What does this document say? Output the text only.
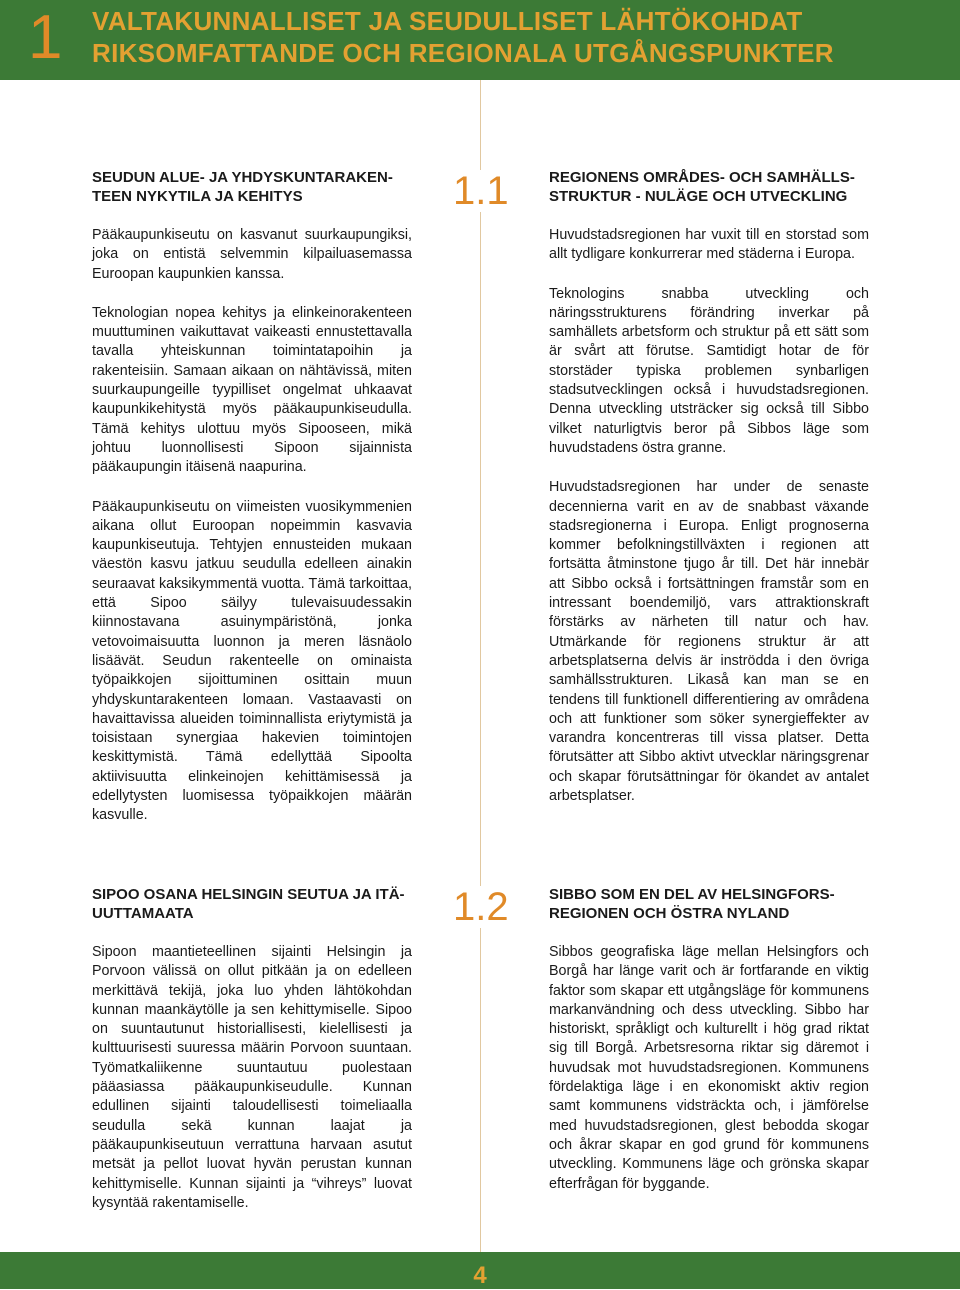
1 VALTAKUNNALLISET JA SEUDULLISET LÄHTÖKOHDAT
RIKSOMFATTANDE OCH REGIONALA UTGÅNGSPUNKTER
1.1
1.2
SEUDUN ALUE- JA YHDYSKUNTARAKEN-
TEEN NYKYTILA JA KEHITYS

Pääkaupunkiseutu on kasvanut suurkaupungiksi, joka on entistä selvemmin kilpailuasemassa Euroopan kaupunkien kanssa.

Teknologian nopea kehitys ja elinkeinorakenteen muuttuminen vaikuttavat vaikeasti ennustettavalla tavalla yhteiskunnan toimintatapoihin ja rakenteisiin. Samaan aikaan on nähtävissä, miten suurkaupungeille tyypilliset ongelmat uhkaavat kaupunkikehitystä myös pääkaupunkiseudulla. Tämä kehitys ulottuu myös Sipooseen, mikä johtuu luonnollisesti Sipoon sijainnista pääkaupungin itäisenä naapurina.

Pääkaupunkiseutu on viimeisten vuosikymmenien aikana ollut Euroopan nopeimmin kasvavia kaupunkiseutuja. Tehtyjen ennusteiden mukaan väestön kasvu jatkuu seudulla edelleen ainakin seuraavat kaksikymmentä vuotta. Tämä tarkoittaa, että Sipoo säilyy tulevaisuudessakin kiinnostavana asuinympäristönä, jonka vetovoimaisuutta luonnon ja meren läsnäolo lisäävät. Seudun rakenteelle on ominaista työpaikkojen sijoittuminen osittain muun yhdyskuntarakenteen lomaan. Vastaavasti on havaittavissa alueiden toiminnallista eriytymistä ja toisistaan synergiaa hakevien toimintojen keskittymistä. Tämä edellyttää Sipoolta aktiivisuutta elinkeinojen kehittämisessä ja edellytysten luomisessa työpaikkojen määrän kasvulle.

REGIONENS OMRÅDES- OCH SAMHÄLLS-
STRUKTUR - NULÄGE OCH UTVECKLING

Huvudstadsregionen har vuxit till en storstad som allt tydligare konkurrerar med städerna i Europa.

Teknologins snabba utveckling och näringsstrukturens förändring inverkar på samhällets arbetsform och struktur på ett sätt som är svårt att förutse. Samtidigt hotar de för storstäder typiska problemen synbarligen stadsutvecklingen också i huvudstadsregionen. Denna utveckling utsträcker sig också till Sibbo vilket naturligtvis beror på Sibbos läge som huvudstadens östra granne.

Huvudstadsregionen har under de senaste decennierna varit en av de snabbast växande stadsregionerna i Europa. Enligt prognoserna kommer befolkningstillväxten i regionen att fortsätta åtminstone tjugo år till. Det här innebär att Sibbo också i fortsättningen framstår som en intressant boendemiljö, vars attraktionskraft förstärks av närheten till natur och hav. Utmärkande för regionens struktur är att arbetsplatserna delvis är inströdda i den övriga samhällsstrukturen. Likaså kan man se en tendens till funktionell differentiering av områdena och att funktioner som söker synergieffekter av varandra koncentreras till vissa platser. Detta förutsätter att Sibbo aktivt utvecklar näringsgrenar och skapar förutsättningar för ökandet av antalet arbetsplatser.

SIPOO OSANA HELSINGIN SEUTUA JA ITÄ-
UUTTAMAATA

Sipoon maantieteellinen sijainti Helsingin ja Porvoon välissä on ollut pitkään ja on edelleen merkittävä tekijä, joka luo yhden lähtökohdan kunnan maankäytölle ja sen kehittymiselle. Sipoo on suuntautunut historiallisesti, kielellisesti ja kulttuurisesti suuressa määrin Porvoon suuntaan. Työmatkaliikenne suuntautuu puolestaan pääasiassa pääkaupunkiseudulle. Kunnan edullinen sijainti taloudellisesti toimeliaalla seudulla sekä kunnan laajat ja pääkaupunkiseutuun verrattuna harvaan asutut metsät ja pellot luovat hyvän perustan kunnan kehittymiselle. Kunnan sijainti ja “vihreys” luovat kysyntää rakentamiselle.

SIBBO SOM EN DEL AV HELSINGFORS-
REGIONEN OCH ÖSTRA NYLAND

Sibbos geografiska läge mellan Helsingfors och Borgå har länge varit och är fortfarande en viktig faktor som skapar ett utgångsläge för kommunens markanvändning och dess utveckling. Sibbo har historiskt, språkligt och kulturellt i hög grad riktat sig till Borgå. Arbetsresorna riktar sig däremot i huvudsak mot huvudstadsregionen. Kommunens fördelaktiga läge i en ekonomiskt aktiv region samt kommunens vidsträckta och, i jämförelse med huvudstadsregionen, glest bebodda skogar och åkrar skapar en god grund för kommunens utveckling. Kommunens läge och grönska skapar efterfrågan för byggande.

4
